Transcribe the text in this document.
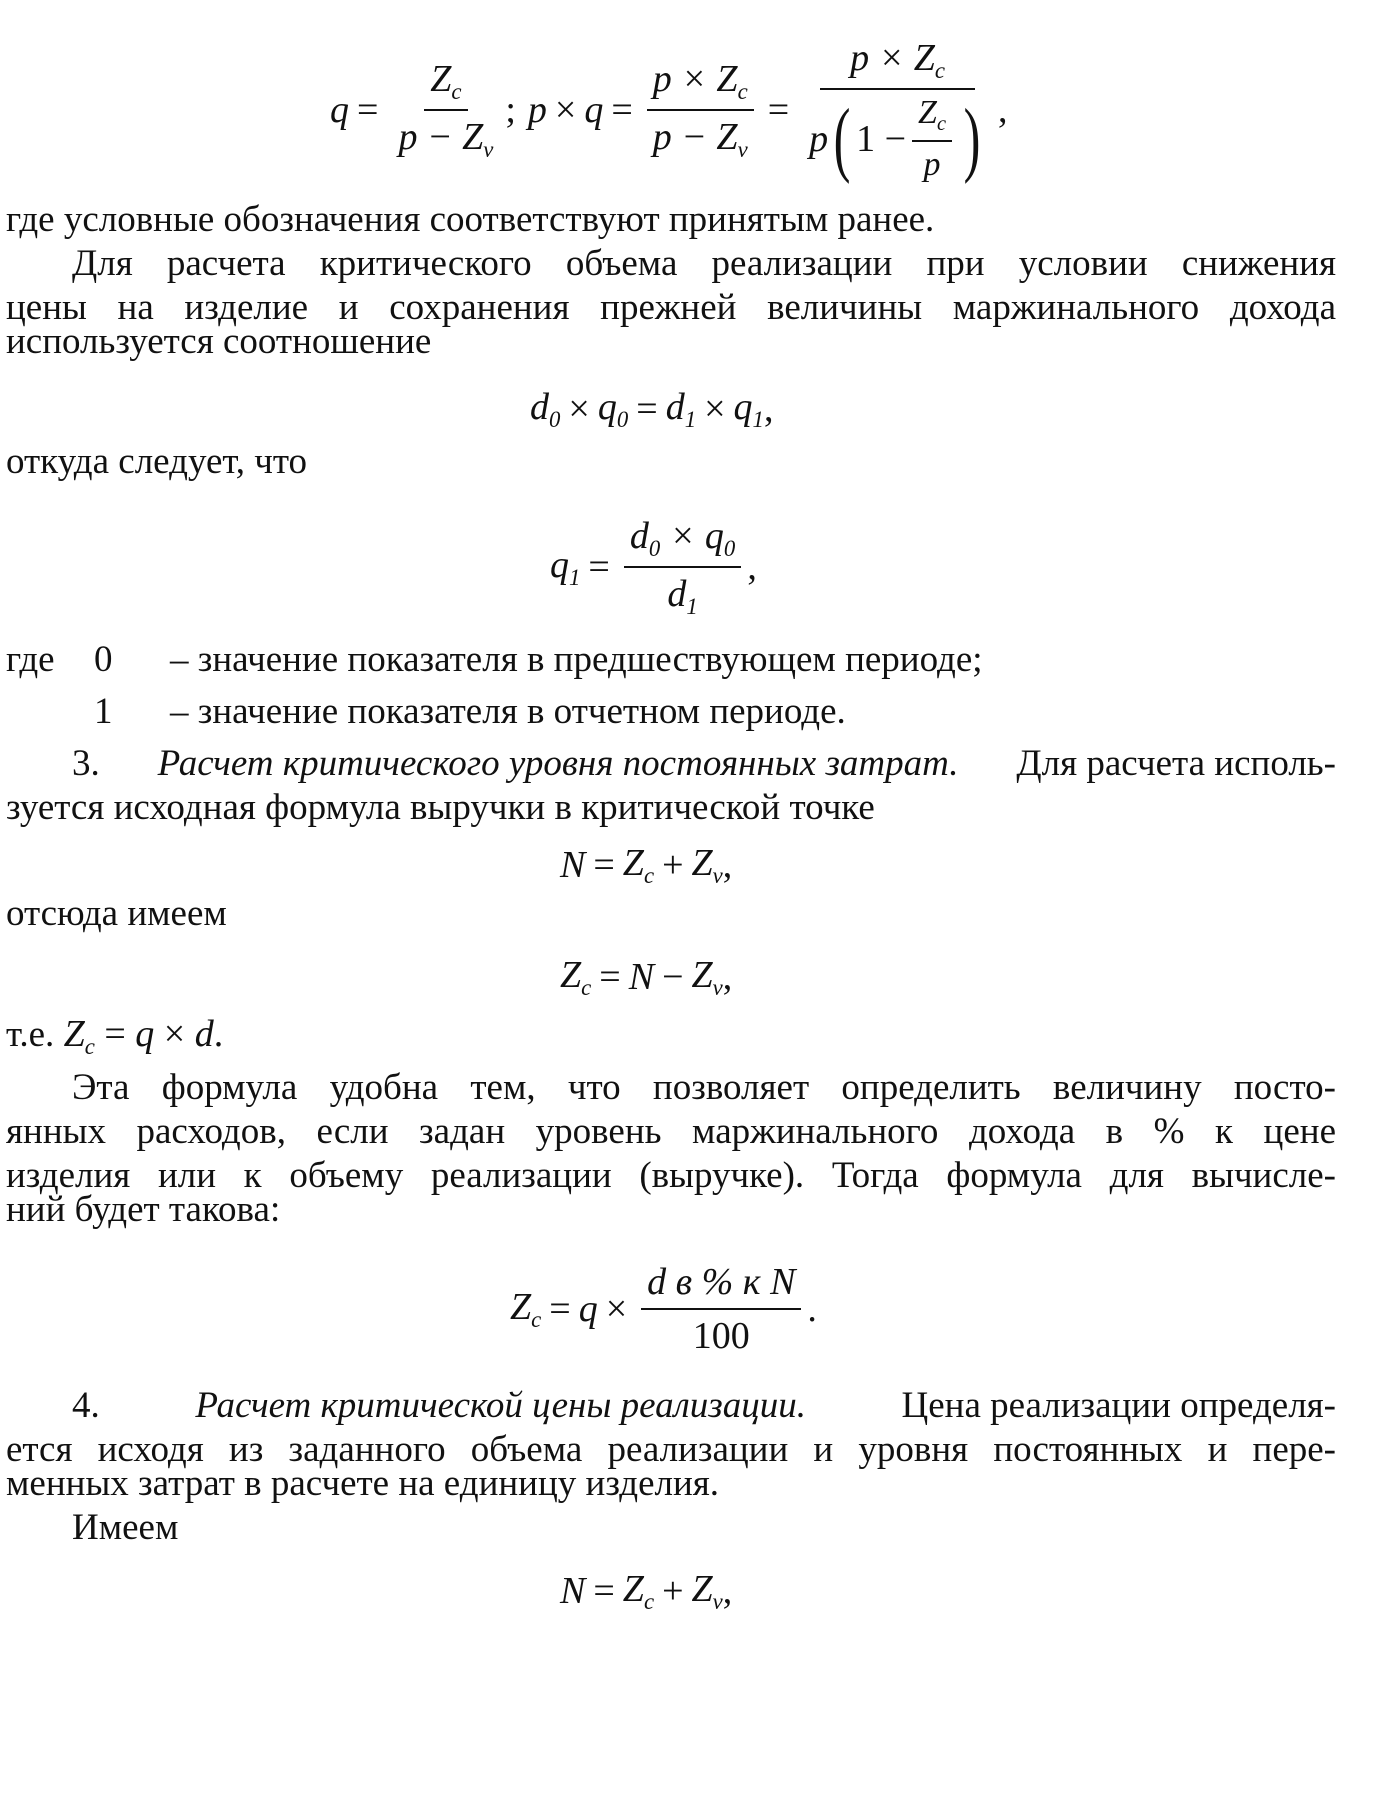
$q = \frac{Z_c}{p - Z_v}$ ; $p \times q = \frac{p \times Z_c}{p - Z_v} = \frac{p \times Z_c}{p ( 1 - \frac{Z_c}{p} )}$ ,
где условные обозначения соответствуют принятым ранее.
Для расчета критического объема реализации при условии снижения
цены на изделие и сохранения прежней величины маржинального дохода
используется соотношение
$d_0 \times q_0 = d_1 \times q_1$ ,
откуда следует, что
$q_1 = \frac{d_0 \times q_0}{d_1}$ ,
где 0 – значение показателя в предшествующем периоде;
1 – значение показателя в отчетном периоде.
3. Расчет критического уровня постоянных затрат. Для расчета исполь-
зуется исходная формула выручки в критической точке
$N = Z_c + Z_v$ ,
отсюда имеем
$Z_c = N - Z_v$ ,
т.е. $Z_c = q \times d$.
Эта формула удобна тем, что позволяет определить величину посто-
янных расходов, если задан уровень маржинального дохода в % к цене
изделия или к объему реализации (выручке). Тогда формула для вычисле-
ний будет такова:
$Z_c = q \times \frac{\text{d в \% к N}}{100}$ .
4.	Расчет критической цены реализации.	Цена реализации определя-
ется исходя из заданного объема реализации и уровня постоянных и пере-
менных затрат в расчете на единицу изделия.
Имеем
$N = Z_c + Z_v$ ,
